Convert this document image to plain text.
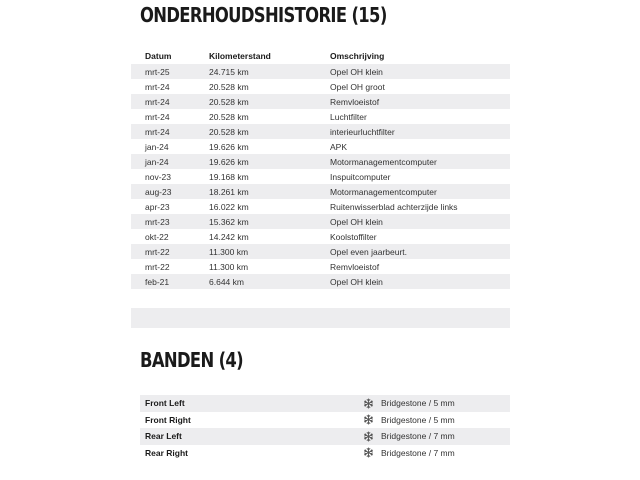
ONDERHOUDSHISTORIE (15)
Datum	Kilometerstand	Omschrijving
mrt-25	24.715 km	Opel OH klein
mrt-24	20.528 km	Opel OH groot
mrt-24	20.528 km	Remvloeistof
mrt-24	20.528 km	Luchtfilter
mrt-24	20.528 km	interieurluchtfilter
jan-24	19.626 km	APK
jan-24	19.626 km	Motormanagementcomputer
nov-23	19.168 km	Inspuitcomputer
aug-23	18.261 km	Motormanagementcomputer
apr-23	16.022 km	Ruitenwisserblad achterzijde links
mrt-23	15.362 km	Opel OH klein
okt-22	14.242 km	Koolstoffilter
mrt-22	11.300 km	Opel even jaarbeurt.
mrt-22	11.300 km	Remvloeistof
feb-21	6.644 km	Opel OH klein
BANDEN (4)
Front Left		Bridgestone / 5 mm
Front Right		Bridgestone / 5 mm
Rear Left		Bridgestone / 7 mm
Rear Right		Bridgestone / 7 mm
